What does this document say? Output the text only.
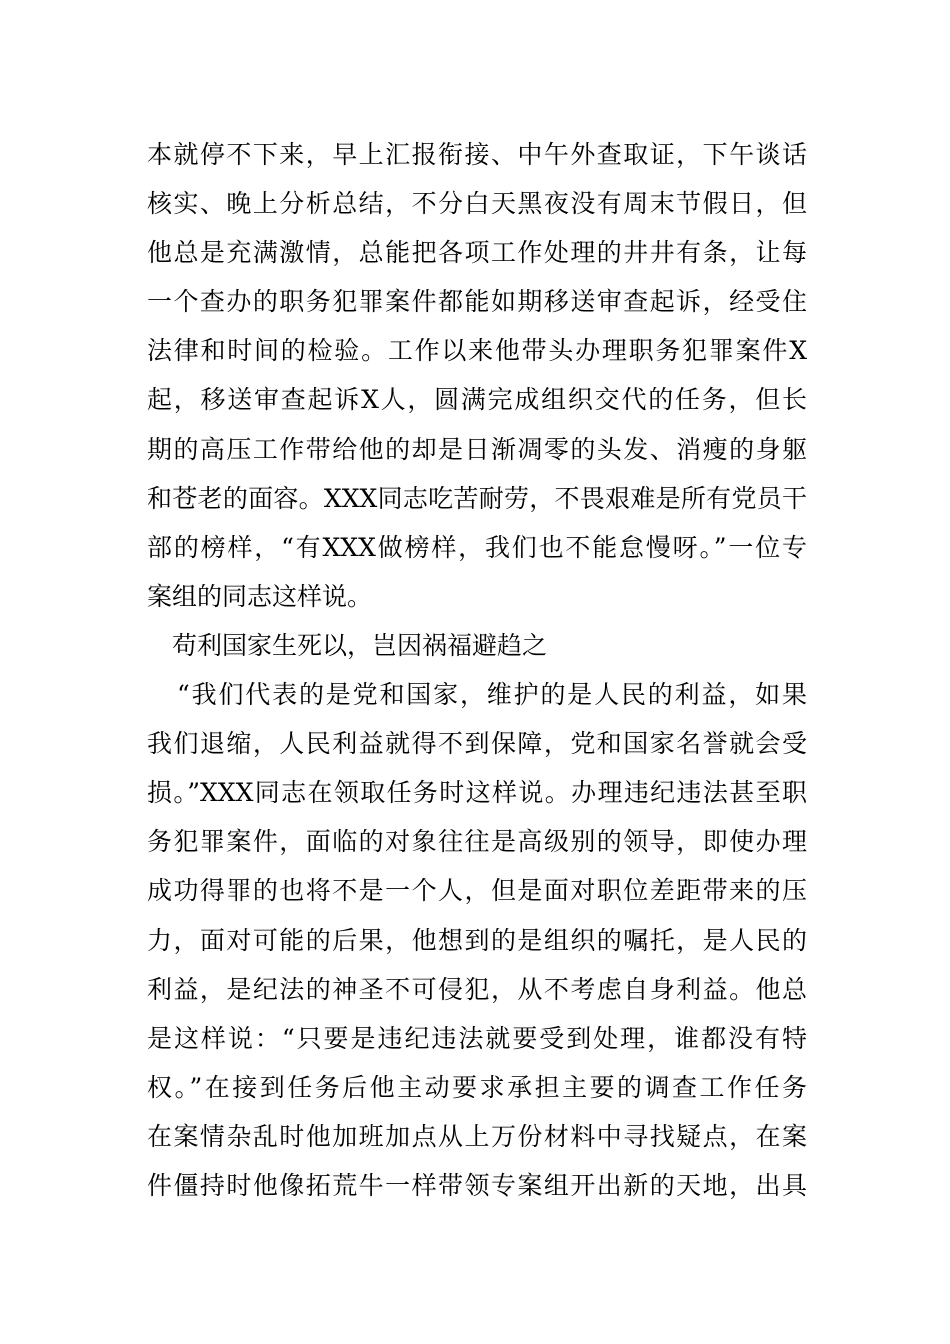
本就停不下来，早上汇报衔接、中午外查取证，下午谈话
核实、晚上分析总结，不分白天黑夜没有周末节假日，但
他总是充满激情，总能把各项工作处理的井井有条，让每
一个查办的职务犯罪案件都能如期移送审查起诉，经受住
法律和时间的检验。工作以来他带头办理职务犯罪案件X
起，移送审查起诉X人，圆满完成组织交代的任务，但长
期的高压工作带给他的却是日渐凋零的头发、消瘦的身躯
和苍老的面容。XXX同志吃苦耐劳，不畏艰难是所有党员干
部的榜样，“有XXX做榜样，我们也不能怠慢呀。”一位专
案组的同志这样说。
苟利国家生死以，岂因祸福避趋之
“我们代表的是党和国家，维护的是人民的利益，如果
我们退缩，人民利益就得不到保障，党和国家名誉就会受
损。”XXX同志在领取任务时这样说。办理违纪违法甚至职
务犯罪案件，面临的对象往往是高级别的领导，即使办理
成功得罪的也将不是一个人，但是面对职位差距带来的压
力，面对可能的后果，他想到的是组织的嘱托，是人民的
利益，是纪法的神圣不可侵犯，从不考虑自身利益。他总
是这样说：“只要是违纪违法就要受到处理，谁都没有特
权。”在接到任务后他主动要求承担主要的调查工作任务
在案情杂乱时他加班加点从上万份材料中寻找疑点，在案
件僵持时他像拓荒牛一样带领专案组开出新的天地，出具
